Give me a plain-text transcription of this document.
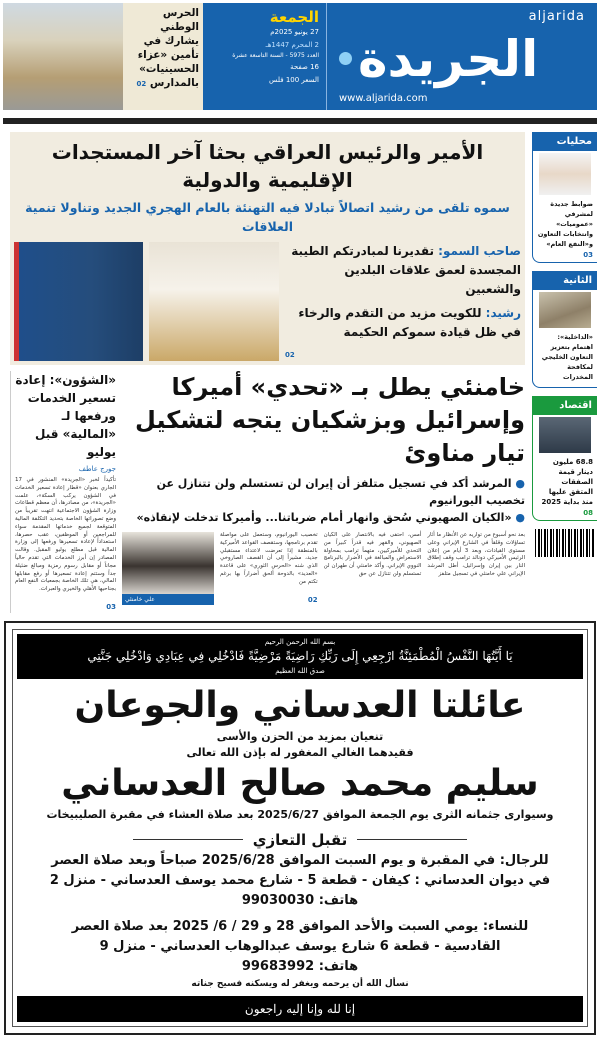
aljarida
الجريدة
www.aljarida.com
الجمعة
27 يونيو 2025م
2 المحرم 1447هـ
العدد 5975 - السنة التاسعة عشرة
16 صفحة
السعر 100 فلس
الحرس الوطني يشارك في تأمين «عزاء الحسينيات» بالمدارس 02
محليات
ضوابط جديدة لمشرفي «عموميات» وانتخابات التعاون و«النفع العام»
03
الثانية
«الداخلية»: اهتمام بتعزيز التعاون الخليجي لمكافحة المخدرات
اقتصاد
68.8 مليون دينار قيمة الصفقات المتفق عليها منذ بداية 2025
08
الأمير والرئيس العراقي بحثا آخر المستجدات الإقليمية والدولية
سموه تلقى من رشيد اتصالاً تبادلا فيه التهنئة بالعام الهجري الجديد وتناولا تنمية العلاقات
صاحب السمو: تقديرنا لمبادرتكم الطيبة المجسدة لعمق علاقات البلدين والشعبين
رشيد: للكويت مزيد من التقدم والرخاء في ظل قيادة سموكم الحكيمة
02
خامنئي يطل بـ «تحدي» أميركا وإسرائيل وبزشكيان يتجه لتشكيل تيار مناوئ
● المرشد أكد في تسجيل متلفز أن إيران لن تستسلم ولن تتنازل عن تخصيب اليورانيوم
● «الكيان الصهيوني سُحق وانهار أمام ضرباتنا... وأميركا تدخلت لإنقاذه»
بعد نحو أسبوع من تواريه عن الأنظار ما أثار تساؤلات وقلقاً في الشارع الإيراني وعلى مستوى القيادات، وبعد 3 أيام من إعلان الرئيس الأميركي دونالد ترامب وقف إطلاق النار بين إيران وإسرائيل، أطل المرشد الإيراني علي خامنئي في تسجيل متلفز
أمس، احتفى فيه بالانتصار على الكيان الصهيوني، والقهر فيه قدراً كبيراً من التحدي للأميركيين، متهماً ترامب بمحاولة الاستعراض والمبالغة في الأضرار بالبرنامج النووي الإيراني. وأكد خامنئي أن طهران لن تستسلم ولن تتنازل عن حق
تخصيب اليورانيوم، وستعمل على مواصلة تقدم برنامجها، وستقصف القواعد الأميركية بالمنطقة إذا تعرضت لاعتداء مستقبلي جديد، مشيراً إلى أن القصف الصاروخي الذي شنه «الحرس الثوري» على قاعدة «العديد» بالدوحة ألحق أضراراً بها برغم تكتم من
02
علي خامنئي
«الشؤون»: إعادة تسعير الخدمات ورفعها لـ «المالية» قبل يوليو
جورج عاطف
تأكيداً لخبر «الجريدة» المنشور في 17 الجاري بعنوان «قطار إعادة تسعير الخدمات في الشؤون يركب السكة»، علمت «الجريدة»، من مصادرها، أن معظم قطاعات وزارة الشؤون الاجتماعية انتهت تقريباً من وضع تصوراتها الخاصة بتحديد التكلفة المالية المتوقعة لجميع خدماتها المقدمة سواء للمراجعين أو الموظفين، عقب حصرها، استعداداً لإعادة تسعيرها ورفعها إلى وزارة المالية قبل مطلع يوليو المقبل. وقالت المصادر إن أبرز الخدمات التي تقدم حالياً مجاناً أو مقابل رسوم رمزية ومبالغ ضئيلة جداً وستتم إعادة تسعيرها أو رفع مقابلها المالي، هي تلك الخاصة بجمعيات النفع العام بجناحيها الأهلي والخيري والعبرات.
03
بسم الله الرحمن الرحيم
يَا أَيَّتُهَا النَّفْسُ الْمُطْمَئِنَّةُ ارْجِعِي إِلَى رَبِّكِ رَاضِيَةً مَرْضِيَّةً فَادْخُلِي فِي عِبَادِي وَادْخُلِي جَنَّتِي
صدق الله العظيم
عائلتا العدساني والجوعان
تنعيان بمزيد من الحزن والأسى
فقيدهما الغالي المغفور له بإذن الله تعالى
سليم محمد صالح العدساني
وسيوارى جثمانه الثرى يوم الجمعة الموافق 2025/6/27 بعد صلاة العشاء في مقبرة الصليبيخات
تقبل التعازي
للرجال: في المقبرة و يوم السبت الموافق 2025/6/28 صباحاً وبعد صلاة العصر
في ديوان العدساني : كيفان - قطعة 5 - شارع محمد يوسف العدساني - منزل 2
هاتف: 99030030
للنساء: يومي السبت والأحد الموافق 28 و 29 / 6/ 2025 بعد صلاة العصر
القادسية - قطعة 6 شارع يوسف عبدالوهاب العدساني - منزل 9
هاتف: 99683992
نسأل الله أن يرحمه ويغفر له ويسكنه فسيح جناته
إنا لله وإنا إليه راجعون
